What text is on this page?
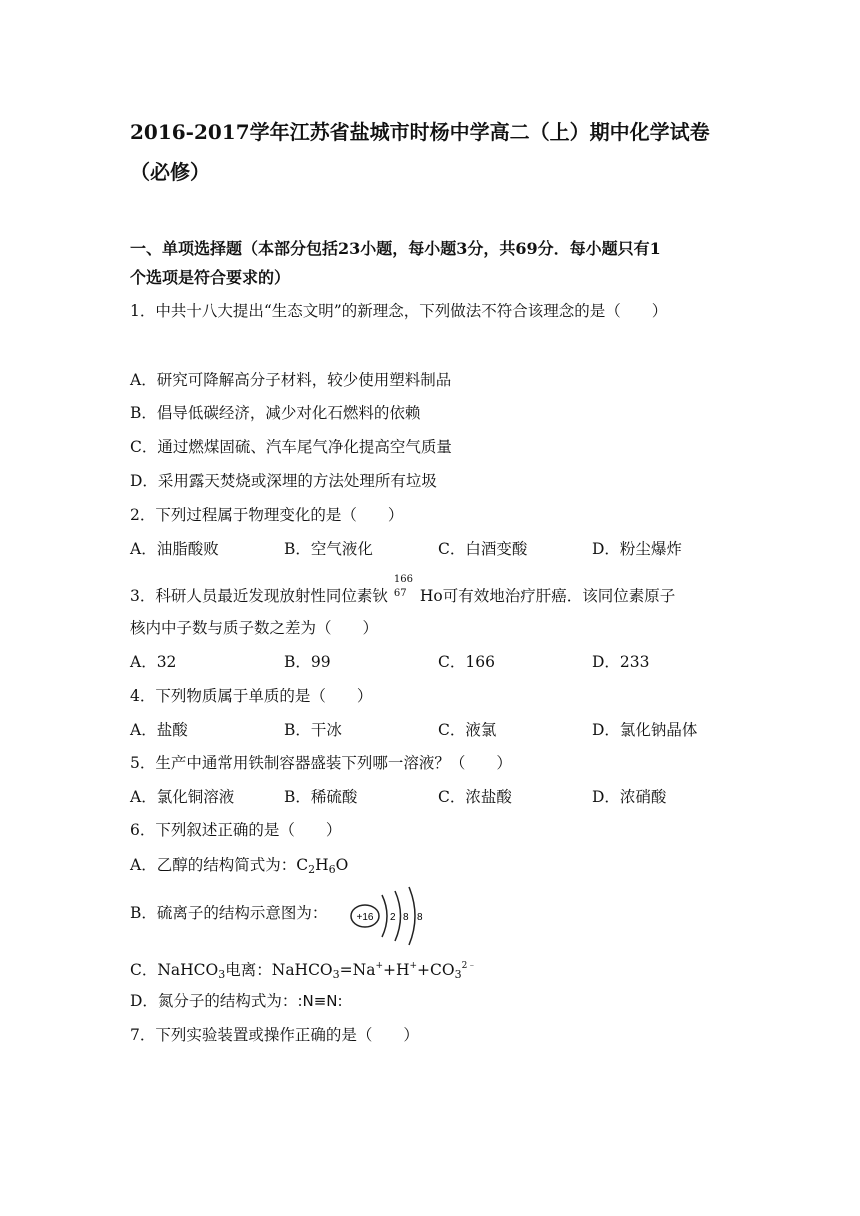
2016-2017学年江苏省盐城市时杨中学高二（上）期中化学试卷
（必修）
一、单项选择题（本部分包括23小题，每小题3分，共69分．每小题只有1
个选项是符合要求的）
1．中共十八大提出“生态文明”的新理念，下列做法不符合该理念的是（　　）
A．研究可降解高分子材料，较少使用塑料制品
B．倡导低碳经济，减少对化石燃料的依赖
C．通过燃煤固硫、汽车尾气净化提高空气质量
D．采用露天焚烧或深埋的方法处理所有垃圾
2．下列过程属于物理变化的是（　　）
A．油脂酸败	B．空气液化	C．白酒变酸	D．粉尘爆炸
3．科研人员最近发现放射性同位素钬
166
67 Ho可有效地治疗肝癌．该同位素原子
核内中子数与质子数之差为（　　）
A．32	B．99	C．166	D．233
4．下列物质属于单质的是（　　）
A．盐酸	B．干冰	C．液氯	D．氯化钠晶体
5．生产中通常用铁制容器盛装下列哪一溶液？（　　）
A．氯化铜溶液	B．稀硫酸	C．浓盐酸	D．浓硝酸
6．下列叙述正确的是（　　）
A．乙醇的结构简式为：$C_2H_6O$
B．硫离子的结构示意图为：	+16 2 8 8
C．NaHCO$_3$电离：$NaHCO_3=Na^++H^++CO_3^{2﹣}$
D．氮分子的结构式为：:N≡N:
7．下列实验装置或操作正确的是（　　）
